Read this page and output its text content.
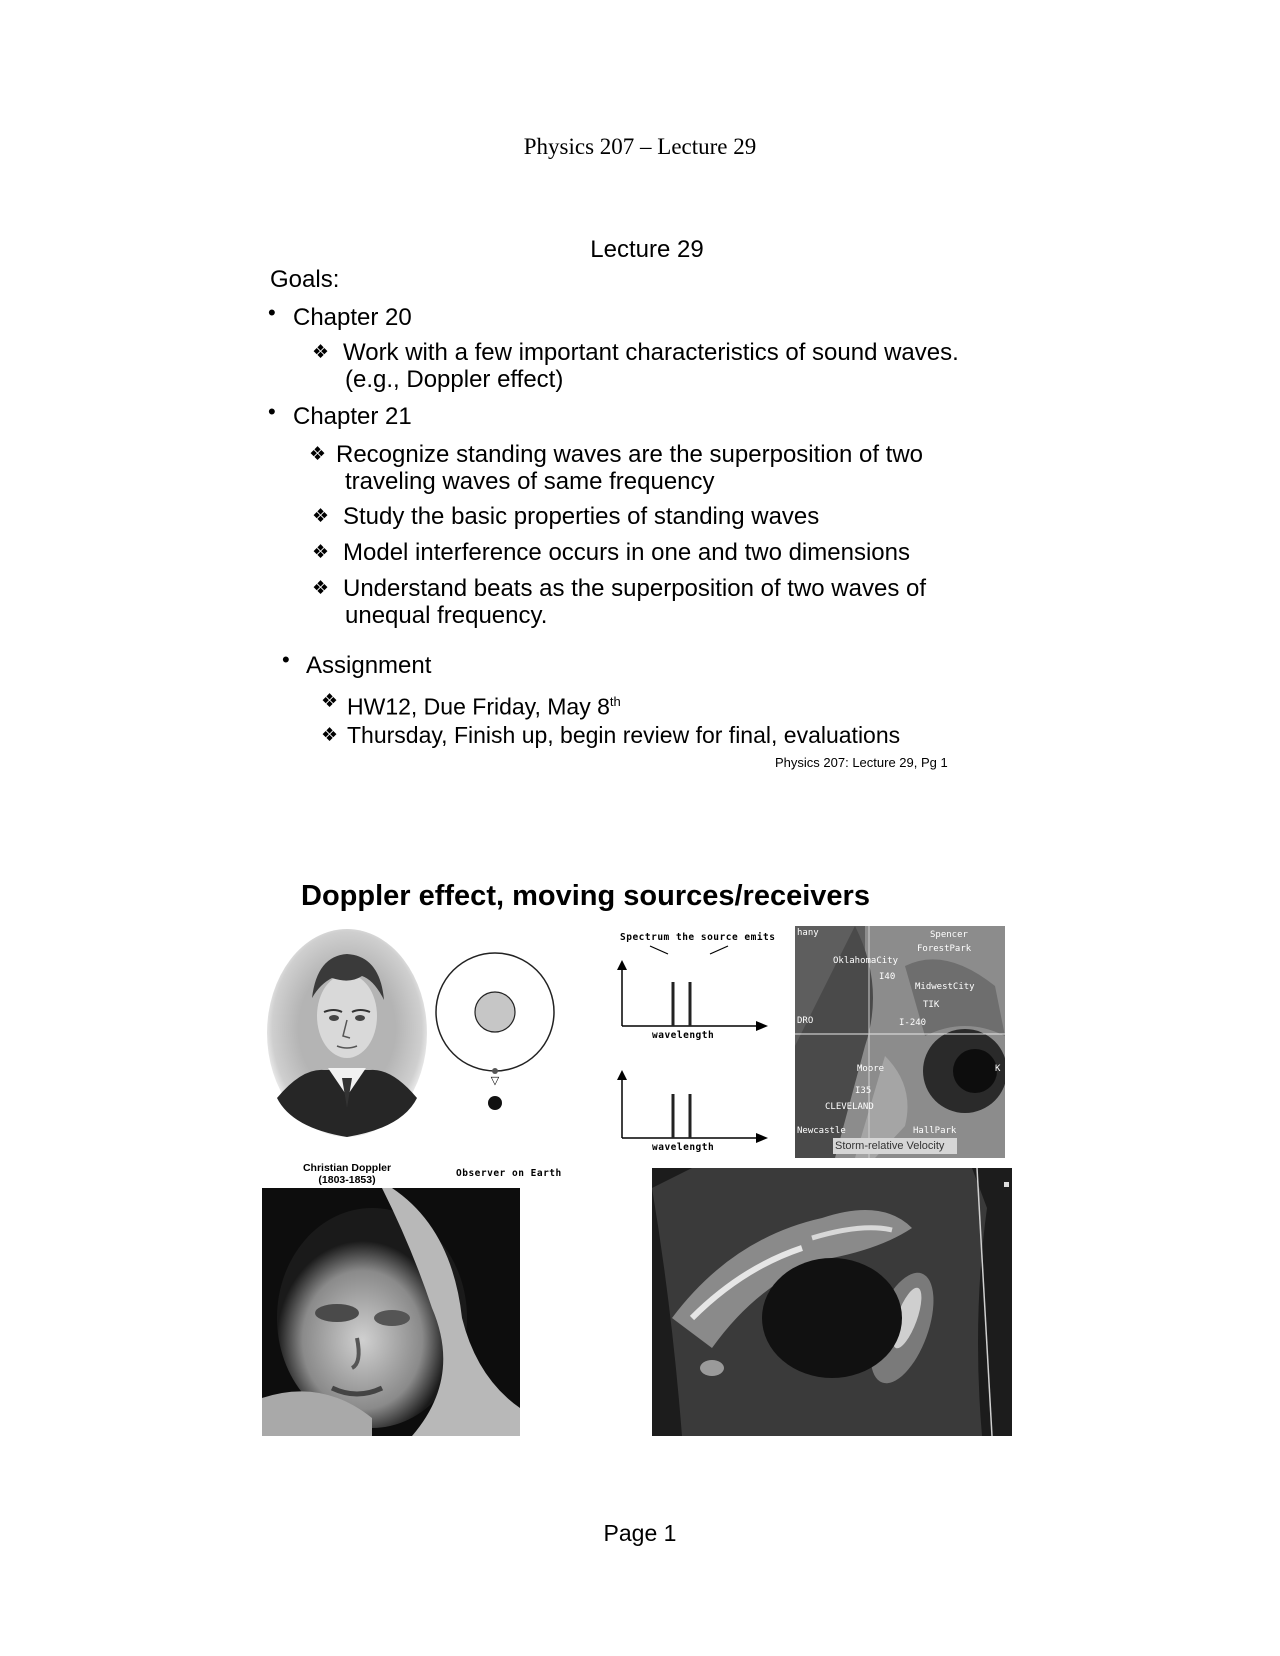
Physics 207 – Lecture 29
Lecture 29
Goals:
• Chapter 20
❖ Work with a few important characteristics of sound waves.
(e.g., Doppler effect)
• Chapter 21
❖ Recognize standing waves are the superposition of two
traveling waves of same frequency
❖ Study the basic properties of standing waves
❖ Model interference occurs in one and two dimensions
❖ Understand beats as the superposition of two waves of
unequal frequency.
• Assignment
❖ HW12, Due Friday, May 8th
❖ Thursday, Finish up, begin review for final, evaluations
Physics 207: Lecture 29, Pg 1
Doppler effect, moving sources/receivers
Christian Doppler
(1803-1853)
▽
Observer on Earth
Spectrum the source emits
wavelength
wavelength
hany	Spencer
ForestPark
OklahomaCity
I40
MidwestCity
TIK
DRO	I-240
Moore	K
I35
CLEVELAND
Newcastle	HallPark
Storm-relative Velocity
Page 1
